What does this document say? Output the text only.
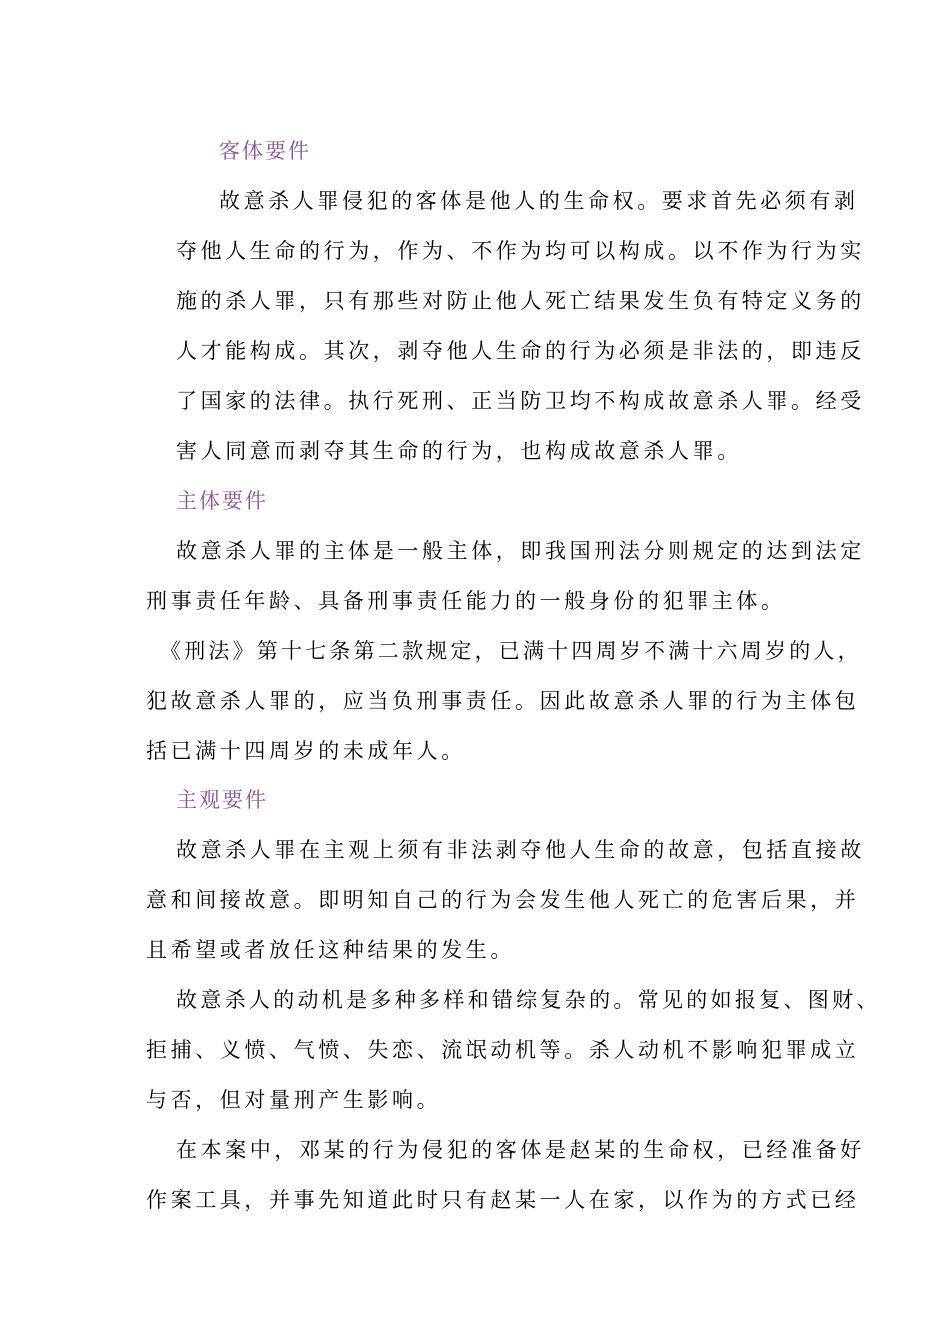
客体要件
故意杀人罪侵犯的客体是他人的生命权。要求首先必须有剥
夺他人生命的行为，作为、不作为均可以构成。以不作为行为实
施的杀人罪，只有那些对防止他人死亡结果发生负有特定义务的
人才能构成。其次，剥夺他人生命的行为必须是非法的，即违反
了国家的法律。执行死刑、正当防卫均不构成故意杀人罪。经受
害人同意而剥夺其生命的行为，也构成故意杀人罪。
主体要件
故意杀人罪的主体是一般主体，即我国刑法分则规定的达到法定
刑事责任年龄、具备刑事责任能力的一般身份的犯罪主体。
《刑法》第十七条第二款规定，已满十四周岁不满十六周岁的人，
犯故意杀人罪的，应当负刑事责任。因此故意杀人罪的行为主体包
括已满十四周岁的未成年人。
主观要件
故意杀人罪在主观上须有非法剥夺他人生命的故意，包括直接故
意和间接故意。即明知自己的行为会发生他人死亡的危害后果，并
且希望或者放任这种结果的发生。
故意杀人的动机是多种多样和错综复杂的。常见的如报复、图财、
拒捕、义愤、气愤、失恋、流氓动机等。杀人动机不影响犯罪成立
与否，但对量刑产生影响。
在本案中，邓某的行为侵犯的客体是赵某的生命权，已经准备好
作案工具，并事先知道此时只有赵某一人在家，以作为的方式已经
